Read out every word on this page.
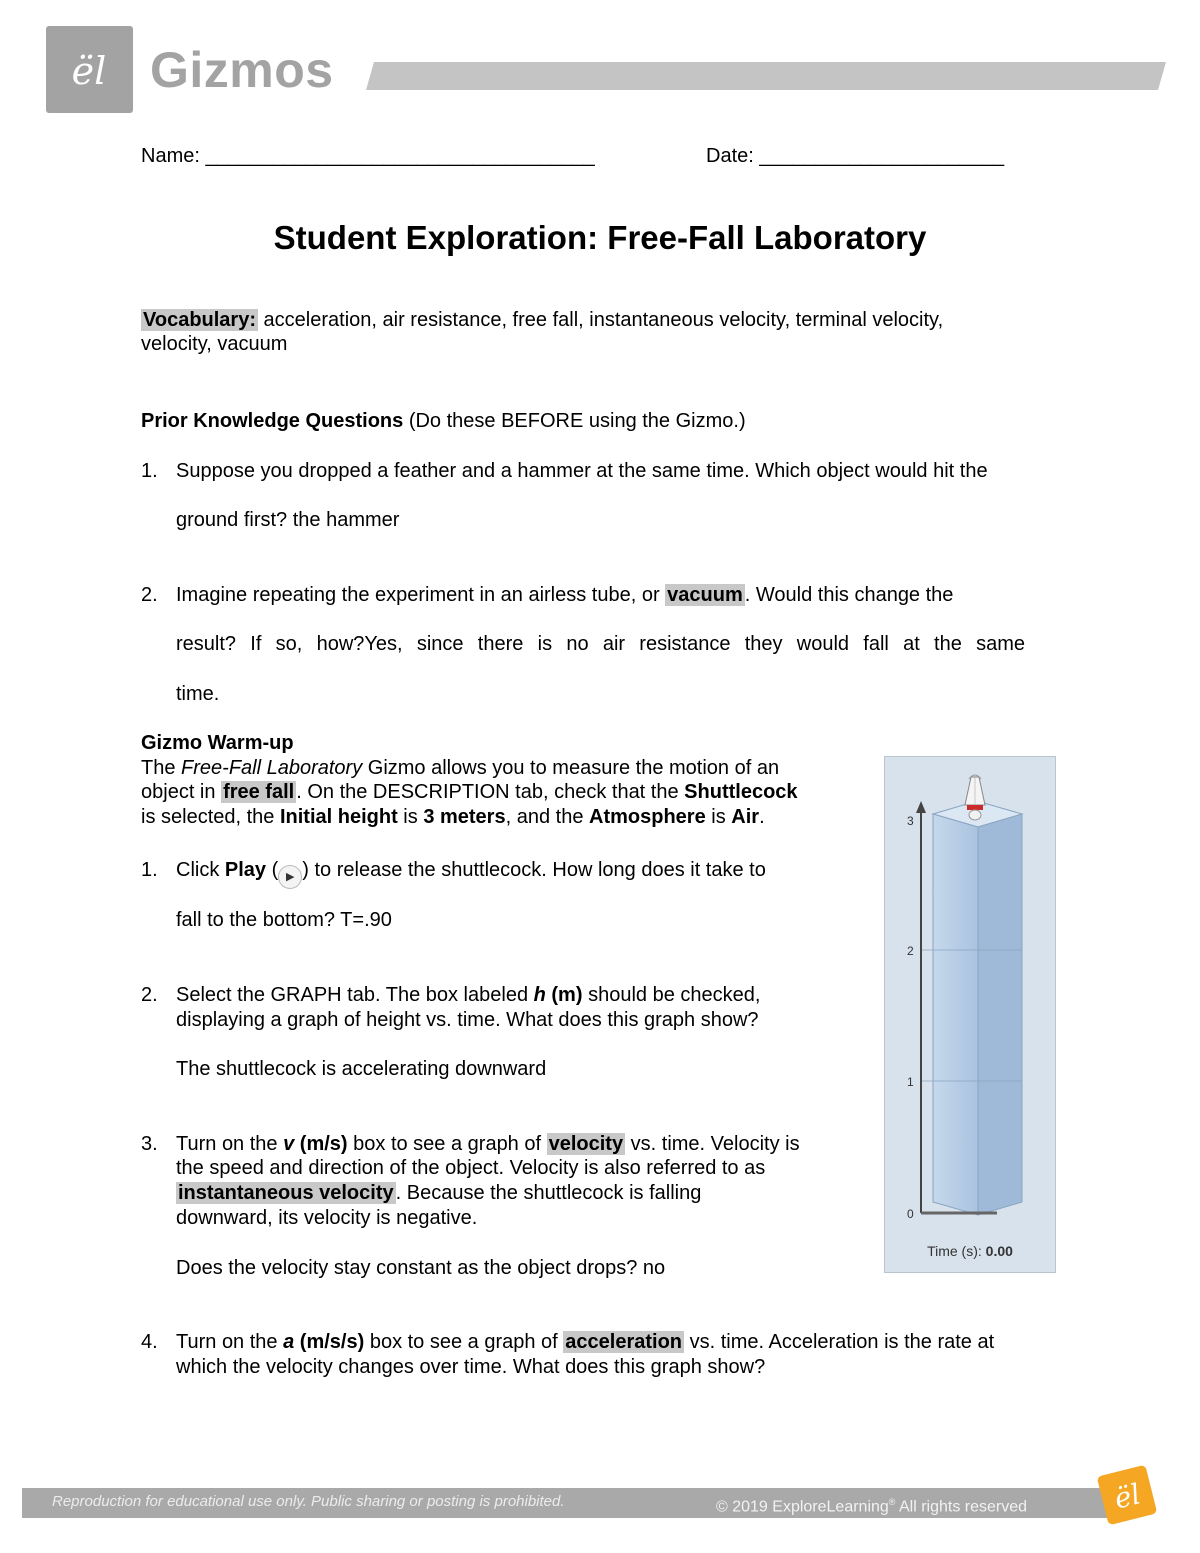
ël Gizmos
Name: ___________________________________	Date: ______________________
Student Exploration: Free-Fall Laboratory
Vocabulary: acceleration, air resistance, free fall, instantaneous velocity, terminal velocity,
velocity, vacuum
Prior Knowledge Questions (Do these BEFORE using the Gizmo.)
1. Suppose you dropped a feather and a hammer at the same time. Which object would hit the
ground first? the hammer
2. Imagine repeating the experiment in an airless tube, or vacuum . Would this change the
result? If so, how?Yes, since there is no air resistance they would fall at the same
time.
Gizmo Warm-up
The Free-Fall Laboratory Gizmo allows you to measure the motion of an
object in free fall . On the DESCRIPTION tab, check that the Shuttlecock
is selected, the Initial height is 3 meters, and the Atmosphere is Air.
1. Click Play ( ▶ ) to release the shuttlecock. How long does it take to
fall to the bottom? T=.90
2. Select the GRAPH tab. The box labeled h (m) should be checked,
displaying a graph of height vs. time. What does this graph show?
The shuttlecock is accelerating downward
3. Turn on the v (m/s) box to see a graph of velocity vs. time. Velocity is
the speed and direction of the object. Velocity is also referred to as
instantaneous velocity . Because the shuttlecock is falling
downward, its velocity is negative.
Does the velocity stay constant as the object drops? no
4. Turn on the a (m/s/s) box to see a graph of acceleration vs. time. Acceleration is the rate at
which the velocity changes over time. What does this graph show?
3
2
1
0
Time (s): 0.00
Reproduction for educational use only. Public sharing or posting is prohibited.	© 2019 ExploreLearning® All rights reserved	ël
